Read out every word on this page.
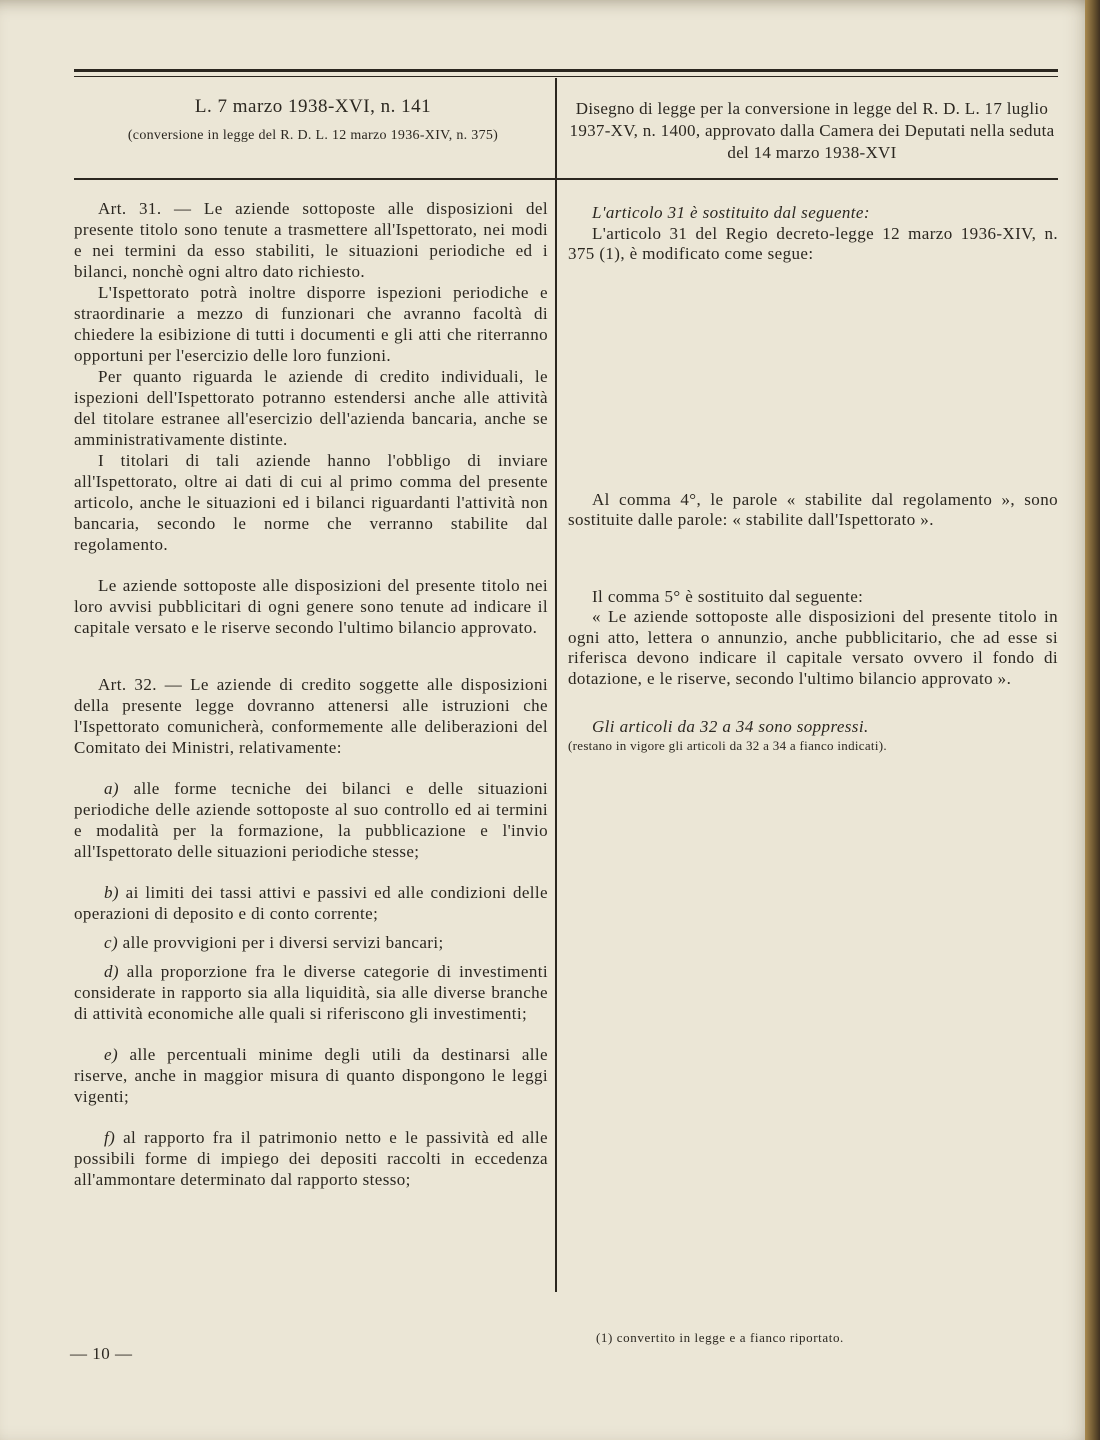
L. 7 marzo 1938-XVI, n. 141
(conversione in legge del R. D. L. 12 marzo 1936-XIV, n. 375)
Disegno di legge per la conversione in legge del R. D. L. 17 luglio 1937-XV, n. 1400, approvato dalla Camera dei Deputati nella seduta del 14 marzo 1938-XVI

Art. 31. — Le aziende sottoposte alle disposizioni del presente titolo sono tenute a trasmettere all'Ispettorato, nei modi e nei termini da esso stabiliti, le situazioni periodiche ed i bilanci, nonchè ogni altro dato richiesto.

L'Ispettorato potrà inoltre disporre ispezioni periodiche e straordinarie a mezzo di funzionari che avranno facoltà di chiedere la esibizione di tutti i documenti e gli atti che riterranno opportuni per l'esercizio delle loro funzioni.

Per quanto riguarda le aziende di credito individuali, le ispezioni dell'Ispettorato potranno estendersi anche alle attività del titolare estranee all'esercizio dell'azienda bancaria, anche se amministrativamente distinte.

I titolari di tali aziende hanno l'obbligo di inviare all'Ispettorato, oltre ai dati di cui al primo comma del presente articolo, anche le situazioni ed i bilanci riguardanti l'attività non bancaria, secondo le norme che verranno stabilite dal regolamento.

Le aziende sottoposte alle disposizioni del presente titolo nei loro avvisi pubblicitari di ogni genere sono tenute ad indicare il capitale versato e le riserve secondo l'ultimo bilancio approvato.

Art. 32. — Le aziende di credito soggette alle disposizioni della presente legge dovranno attenersi alle istruzioni che l'Ispettorato comunicherà, conformemente alle deliberazioni del Comitato dei Ministri, relativamente:

a) alle forme tecniche dei bilanci e delle situazioni periodiche delle aziende sottoposte al suo controllo ed ai termini e modalità per la formazione, la pubblicazione e l'invio all'Ispettorato delle situazioni periodiche stesse;

b) ai limiti dei tassi attivi e passivi ed alle condizioni delle operazioni di deposito e di conto corrente;

c) alle provvigioni per i diversi servizi bancari;

d) alla proporzione fra le diverse categorie di investimenti considerate in rapporto sia alla liquidità, sia alle diverse branche di attività economiche alle quali si riferiscono gli investimenti;

e) alle percentuali minime degli utili da destinarsi alle riserve, anche in maggior misura di quanto dispongono le leggi vigenti;

f) al rapporto fra il patrimonio netto e le passività ed alle possibili forme di impiego dei depositi raccolti in eccedenza all'ammontare determinato dal rapporto stesso;

L'articolo 31 è sostituito dal seguente:

L'articolo 31 del Regio decreto-legge 12 marzo 1936-XIV, n. 375 (1), è modificato come segue:

Al comma 4°, le parole « stabilite dal regolamento », sono sostituite dalle parole: « stabilite dall'Ispettorato ».

Il comma 5° è sostituito dal seguente:

« Le aziende sottoposte alle disposizioni del presente titolo in ogni atto, lettera o annunzio, anche pubblicitario, che ad esse si riferisca devono indicare il capitale versato ovvero il fondo di dotazione, e le riserve, secondo l'ultimo bilancio approvato ».

Gli articoli da 32 a 34 sono soppressi.

(restano in vigore gli articoli da 32 a 34 a fianco indicati).

— 10 —
(1) convertito in legge e a fianco riportato.
